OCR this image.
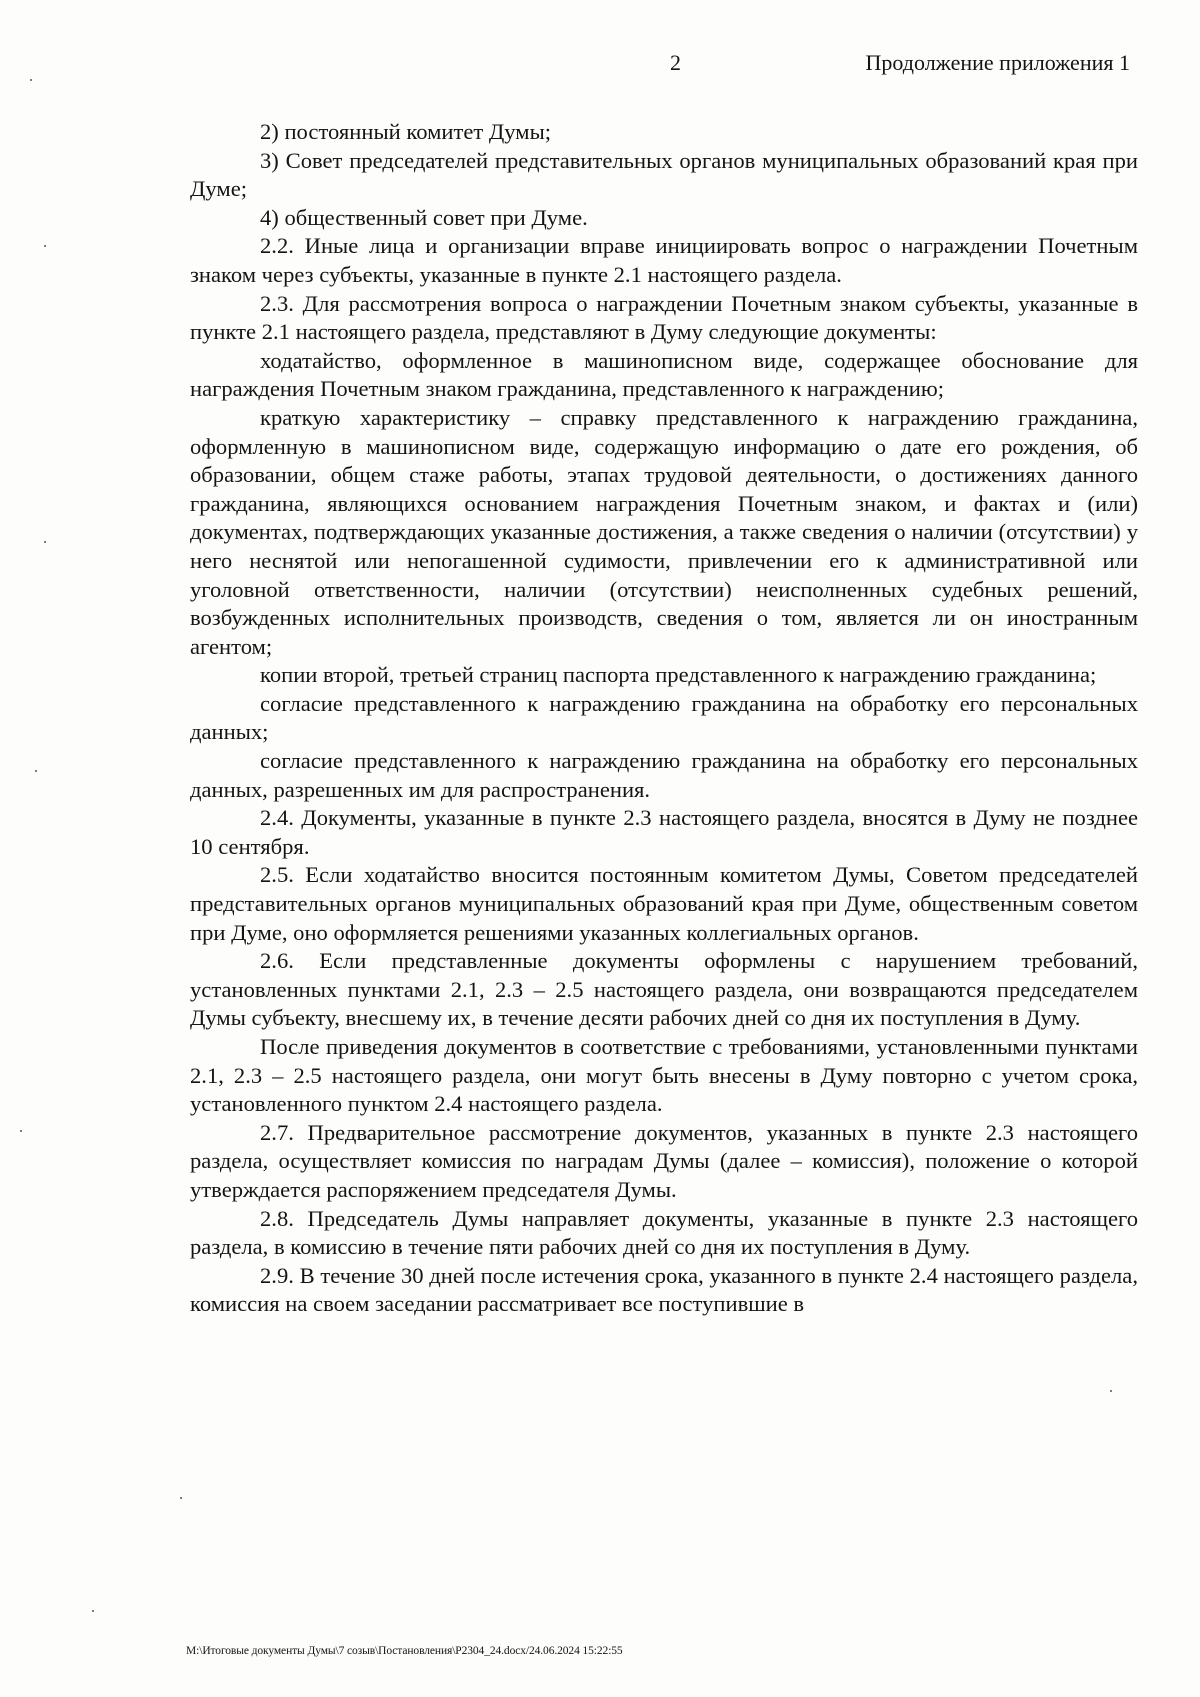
2	Продолжение приложения 1

2) постоянный комитет Думы;

3) Совет председателей представительных органов муниципальных образований края при Думе;

4) общественный совет при Думе.

2.2. Иные лица и организации вправе инициировать вопрос о награждении Почетным знаком через субъекты, указанные в пункте 2.1 настоящего раздела.

2.3. Для рассмотрения вопроса о награждении Почетным знаком субъекты, указанные в пункте 2.1 настоящего раздела, представляют в Думу следующие документы:

ходатайство, оформленное в машинописном виде, содержащее обоснование для награждения Почетным знаком гражданина, представленного к награждению;

краткую характеристику – справку представленного к награждению гражданина, оформленную в машинописном виде, содержащую информацию о дате его рождения, об образовании, общем стаже работы, этапах трудовой деятельности, о достижениях данного гражданина, являющихся основанием награждения Почетным знаком, и фактах и (или) документах, подтверждающих указанные достижения, а также сведения о наличии (отсутствии) у него неснятой или непогашенной судимости, привлечении его к административной или уголовной ответственности, наличии (отсутствии) неисполненных судебных решений, возбужденных исполнительных производств, сведения о том, является ли он иностранным агентом;

копии второй, третьей страниц паспорта представленного к награждению гражданина;

согласие представленного к награждению гражданина на обработку его персональных данных;

согласие представленного к награждению гражданина на обработку его персональных данных, разрешенных им для распространения.

2.4. Документы, указанные в пункте 2.3 настоящего раздела, вносятся в Думу не позднее 10 сентября.

2.5. Если ходатайство вносится постоянным комитетом Думы, Советом председателей представительных органов муниципальных образований края при Думе, общественным советом при Думе, оно оформляется решениями указанных коллегиальных органов.

2.6. Если представленные документы оформлены с нарушением требований, установленных пунктами 2.1, 2.3 – 2.5 настоящего раздела, они возвращаются председателем Думы субъекту, внесшему их, в течение десяти рабочих дней со дня их поступления в Думу.

После приведения документов в соответствие с требованиями, установленными пунктами 2.1, 2.3 – 2.5 настоящего раздела, они могут быть внесены в Думу повторно с учетом срока, установленного пунктом 2.4 настоящего раздела.

2.7. Предварительное рассмотрение документов, указанных в пункте 2.3 настоящего раздела, осуществляет комиссия по наградам Думы (далее – комиссия), положение о которой утверждается распоряжением председателя Думы.

2.8. Председатель Думы направляет документы, указанные в пункте 2.3 настоящего раздела, в комиссию в течение пяти рабочих дней со дня их поступления в Думу.

2.9. В течение 30 дней после истечения срока, указанного в пункте 2.4 настоящего раздела, комиссия на своем заседании рассматривает все поступившие в

M:\Итоговые документы Думы\7 созыв\Постановления\P2304_24.docx/24.06.2024 15:22:55
